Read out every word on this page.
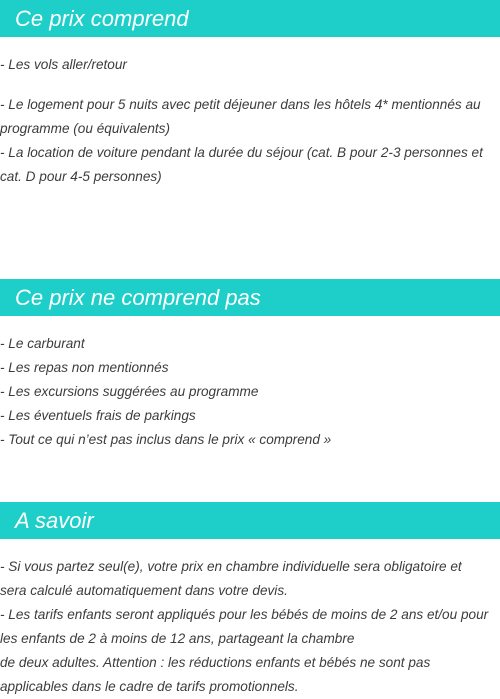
Ce prix comprend
- Les vols aller/retour
- Le logement pour 5 nuits avec petit déjeuner dans les hôtels 4* mentionnés au
programme (ou équivalents)
- La location de voiture pendant la durée du séjour (cat. B pour 2-3 personnes et
cat. D pour 4-5 personnes)
Ce prix ne comprend pas
- Le carburant
- Les repas non mentionnés
- Les excursions suggérées au programme
- Les éventuels frais de parkings
- Tout ce qui n’est pas inclus dans le prix « comprend »
A savoir
- Si vous partez seul(e), votre prix en chambre individuelle sera obligatoire et
sera calculé automatiquement dans votre devis.
- Les tarifs enfants seront appliqués pour les bébés de moins de 2 ans et/ou pour
les enfants de 2 à moins de 12 ans, partageant la chambre
de deux adultes. Attention : les réductions enfants et bébés ne sont pas
applicables dans le cadre de tarifs promotionnels.
